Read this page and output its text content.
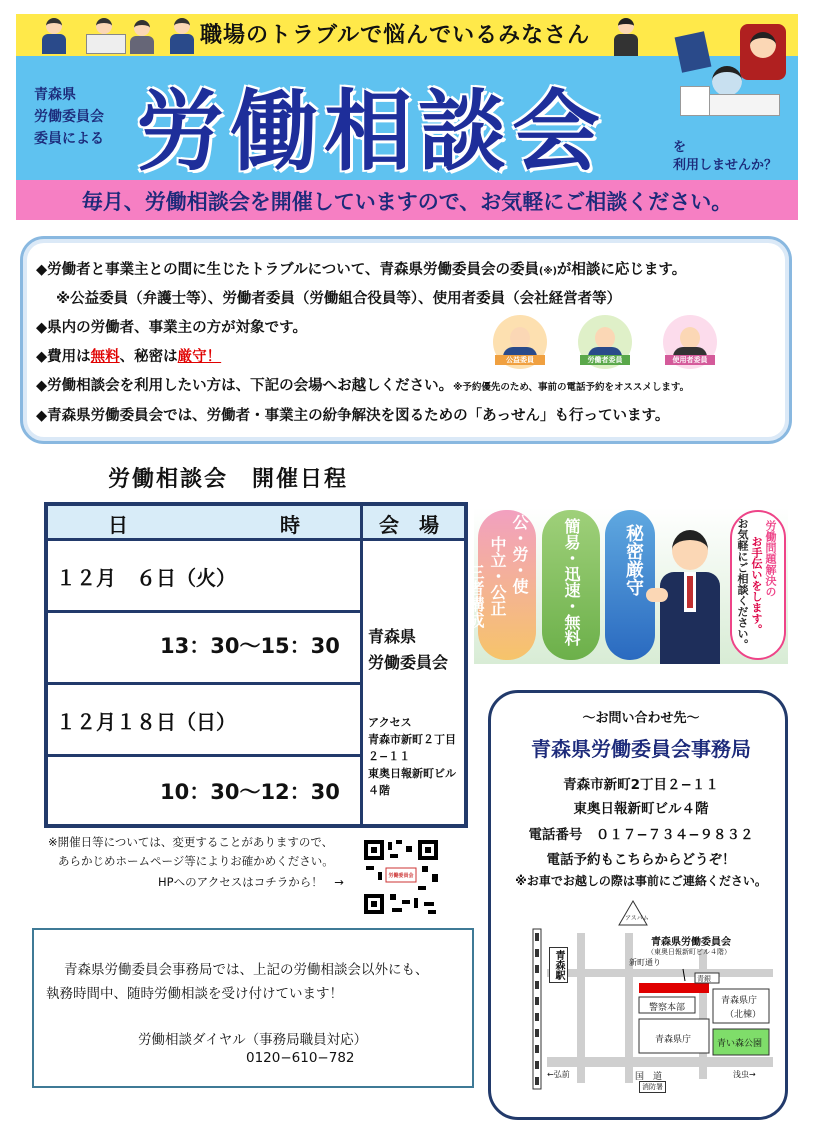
職場のトラブルで悩んでいるみなさん
青森県
労働委員会
委員による 労働相談会	を
利用しませんか？
毎月、労働相談会を開催していますので、お気軽にご相談ください。
◆労働者と事業主との間に生じたトラブルについて、青森県労働委員会の委員(※)が相談に応じます。
※公益委員（弁護士等）、労働者委員（労働組合役員等）、使用者委員（会社経営者等）
◆県内の労働者、事業主の方が対象です。
◆費用は無料、秘密は厳守！
◆労働相談会を利用したい方は、下記の会場へお越しください。※予約優先のため、事前の電話予約をオススメします。
◆青森県労働委員会では、労働者・事業主の紛争解決を図るための「あっせん」も行っています。
公益委員	労働者委員	使用者委員
労働相談会　開催日程
日	時	会　場
１２月　６日（火）
13：30〜15：30
１２月１８日（日）
10：30〜12：30
青森県
労働委員会
アクセス
青森市新町２丁目
２−１１
東奥日報新町ビル
４階
※開催日等については、変更することがありますので、
あらかじめホームページ等によりお確かめください。
HPへのアクセスはコチラから！　→	労働委員会
公・労・使
中立・公正
三者構成	簡易・迅速・無料 秘密厳守	労働問題解決の
お手伝いをします。
お気軽にご相談ください。
〜お問い合わせ先〜
青森県労働委員会事務局
青森市新町2丁目２−１１
東奥日報新町ビル４階
電話番号　０１７−７３４−９８３２
電話予約もこちらからどうぞ！
※お車でお越しの際は事前にご連絡ください。
アスパム
青森県労働委員会
（東奥日報新町ビル４階）
青森駅	新町通り
青銀
警察本部
青森県庁
（北棟）
青森県庁	青い森公園
←弘前	国　道
消防署
浅虫→
青森県労働委員会事務局では、上記の労働相談会以外にも、
執務時間中、随時労働相談を受け付けています！
労働相談ダイヤル（事務局職員対応）
0120−610−782
